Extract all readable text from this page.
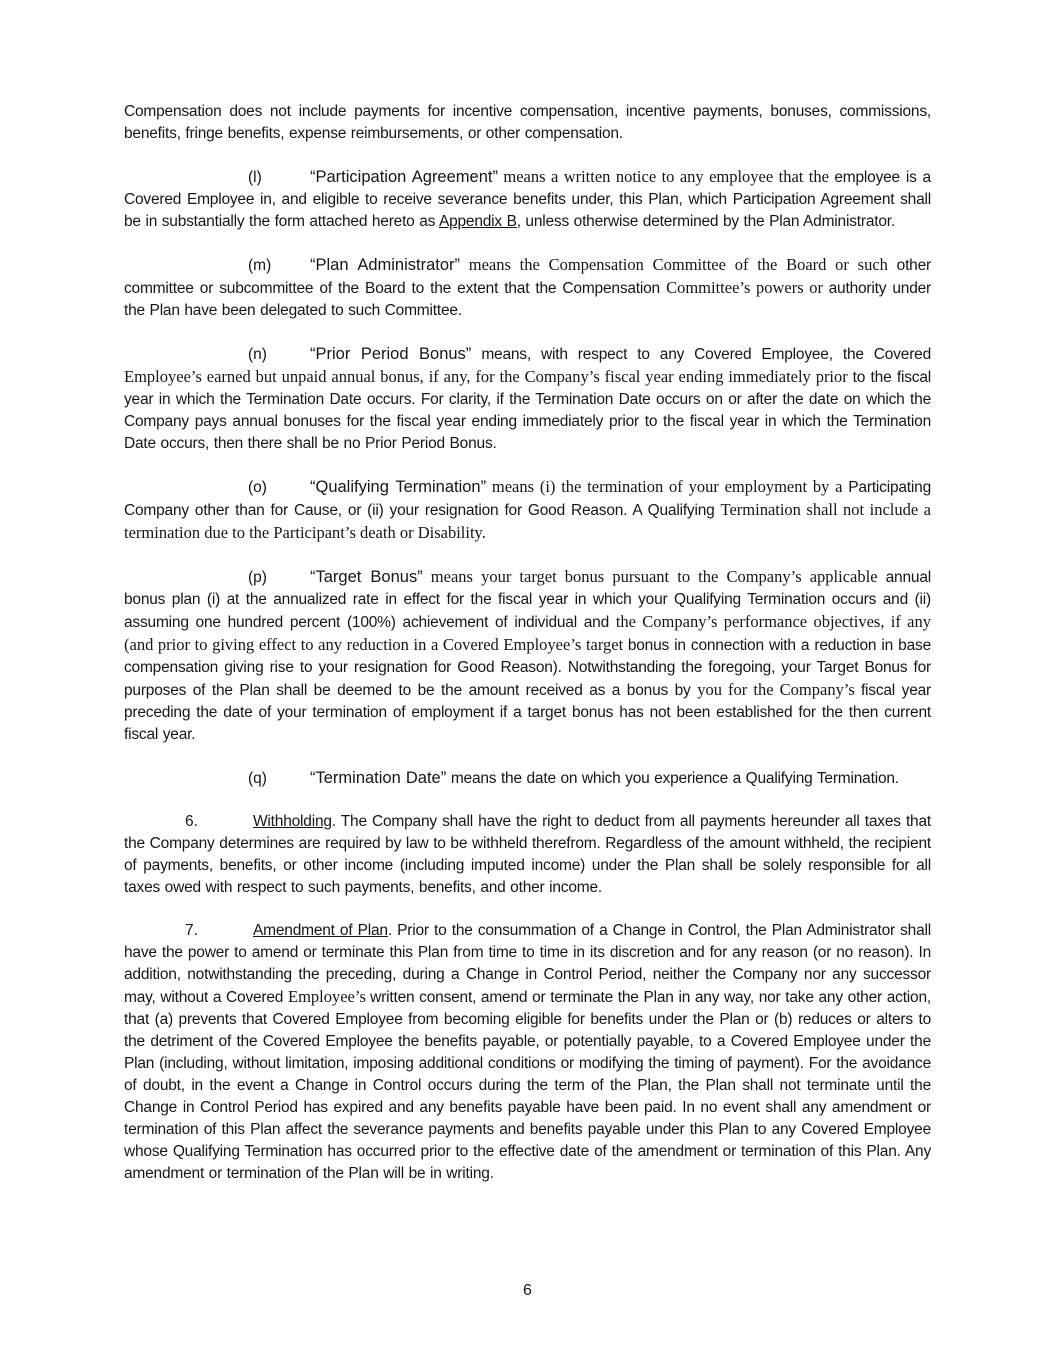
Compensation does not include payments for incentive compensation, incentive payments, bonuses, commissions, benefits, fringe benefits, expense reimbursements, or other compensation.

(l)	“Participation Agreement” means a written notice to any employee that the employee is a Covered Employee in, and eligible to receive severance benefits under, this Plan, which Participation Agreement shall be in substantially the form attached hereto as Appendix B, unless otherwise determined by the Plan Administrator.

(m) “Plan Administrator” means the Compensation Committee of the Board or such other committee or subcommittee of the Board to the extent that the Compensation Committee’s powers or authority under the Plan have been delegated to such Committee.

(n)	“Prior Period Bonus” means, with respect to any Covered Employee, the Covered Employee’s earned but unpaid annual bonus, if any, for the Company’s fiscal year ending immediately prior to the fiscal year in which the Termination Date occurs. For clarity, if the Termination Date occurs on or after the date on which the Company pays annual bonuses for the fiscal year ending immediately prior to the fiscal year in which the Termination Date occurs, then there shall be no Prior Period Bonus.

(o)	“Qualifying Termination” means (i) the termination of your employment by a Participating Company other than for Cause, or (ii) your resignation for Good Reason. A Qualifying Termination shall not include a termination due to the Participant’s death or Disability.

(p)	“Target Bonus” means your target bonus pursuant to the Company’s applicable annual bonus plan (i) at the annualized rate in effect for the fiscal year in which your Qualifying Termination occurs and (ii) assuming one hundred percent (100%) achievement of individual and the Company’s performance objectives, if any (and prior to giving effect to any reduction in a Covered Employee’s target bonus in connection with a reduction in base compensation giving rise to your resignation for Good Reason). Notwithstanding the foregoing, your Target Bonus for purposes of the Plan shall be deemed to be the amount received as a bonus by you for the Company’s fiscal year preceding the date of your termination of employment if a target bonus has not been established for the then current fiscal year.

(q)	“Termination Date” means the date on which you experience a Qualifying Termination.

6.	Withholding. The Company shall have the right to deduct from all payments hereunder all taxes that the Company determines are required by law to be withheld therefrom. Regardless of the amount withheld, the recipient of payments, benefits, or other income (including imputed income) under the Plan shall be solely responsible for all taxes owed with respect to such payments, benefits, and other income.

7.	Amendment of Plan. Prior to the consummation of a Change in Control, the Plan Administrator shall have the power to amend or terminate this Plan from time to time in its discretion and for any reason (or no reason). In addition, notwithstanding the preceding, during a Change in Control Period, neither the Company nor any successor may, without a Covered Employee’s written consent, amend or terminate the Plan in any way, nor take any other action, that (a) prevents that Covered Employee from becoming eligible for benefits under the Plan or (b) reduces or alters to the detriment of the Covered Employee the benefits payable, or potentially payable, to a Covered Employee under the Plan (including, without limitation, imposing additional conditions or modifying the timing of payment). For the avoidance of doubt, in the event a Change in Control occurs during the term of the Plan, the Plan shall not terminate until the Change in Control Period has expired and any benefits payable have been paid. In no event shall any amendment or termination of this Plan affect the severance payments and benefits payable under this Plan to any Covered Employee whose Qualifying Termination has occurred prior to the effective date of the amendment or termination of this Plan. Any amendment or termination of the Plan will be in writing.

6
